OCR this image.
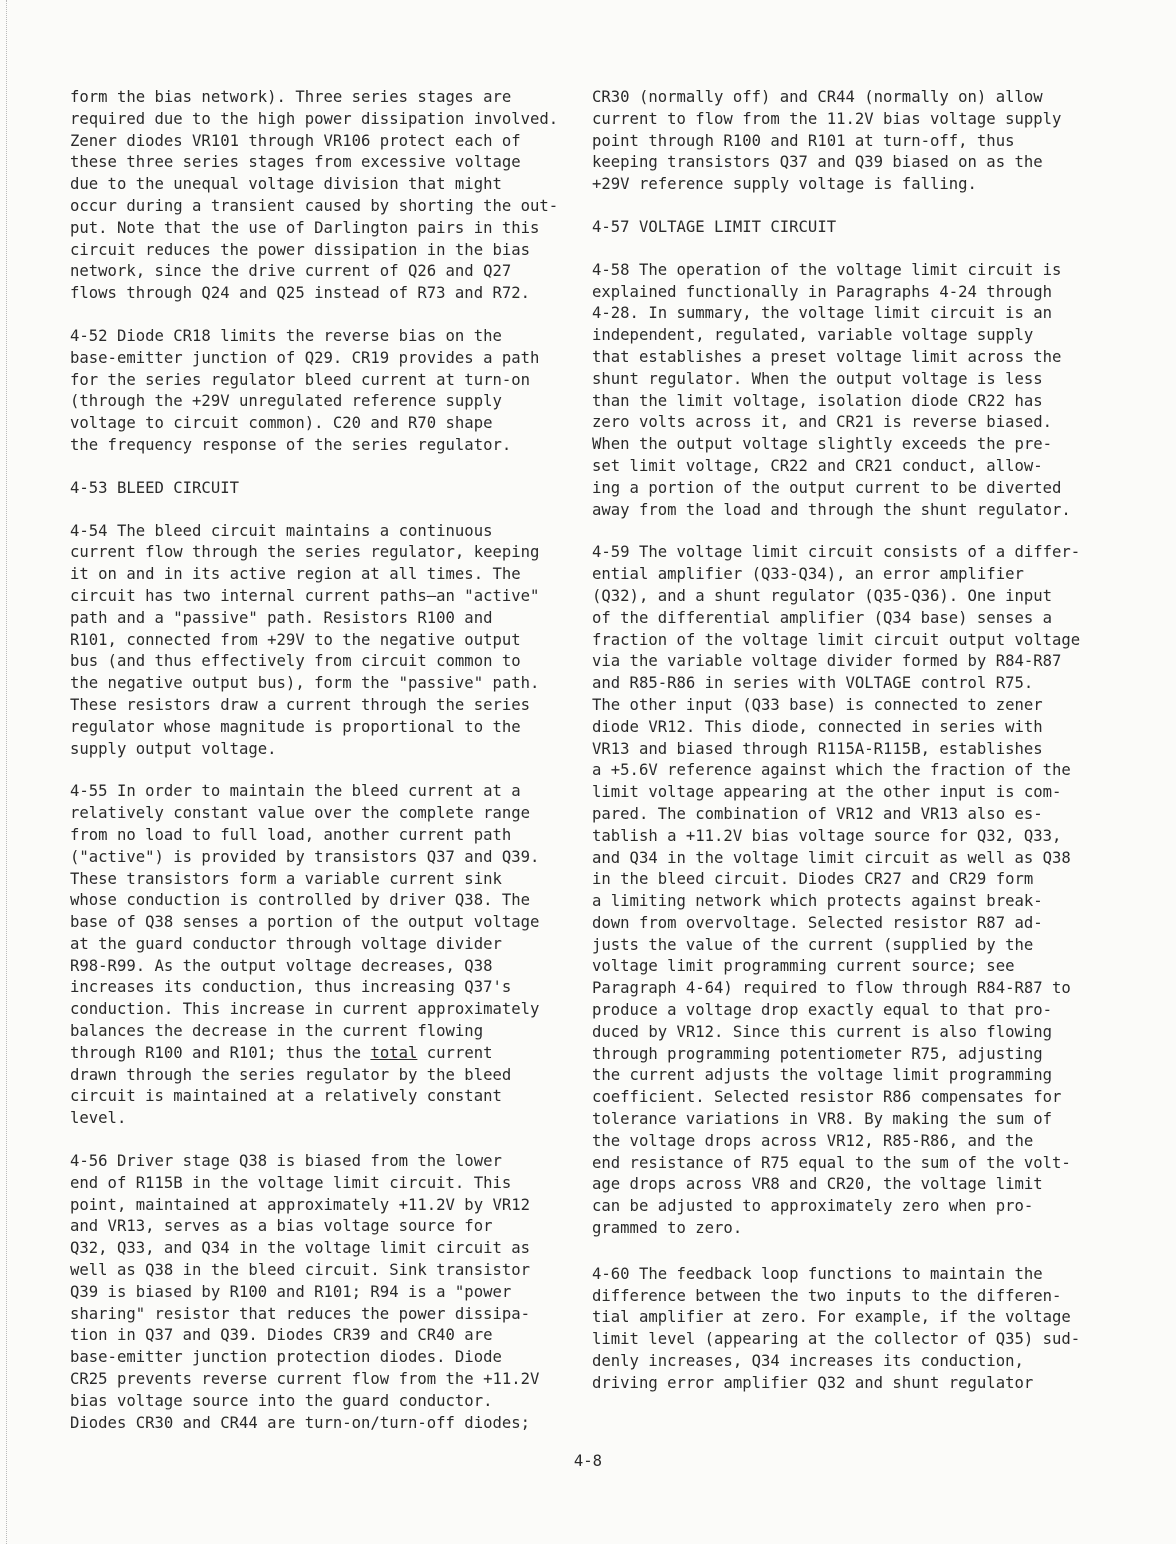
form the bias network). Three series stages are
required due to the high power dissipation involved.
Zener diodes VR101 through VR106 protect each of
these three series stages from excessive voltage
due to the unequal voltage division that might
occur during a transient caused by shorting the out-
put. Note that the use of Darlington pairs in this
circuit reduces the power dissipation in the bias
network, since the drive current of Q26 and Q27
flows through Q24 and Q25 instead of R73 and R72.

4-52 Diode CR18 limits the reverse bias on the
base-emitter junction of Q29. CR19 provides a path
for the series regulator bleed current at turn-on
(through the +29V unregulated reference supply
voltage to circuit common). C20 and R70 shape
the frequency response of the series regulator.

4-53 BLEED CIRCUIT

4-54 The bleed circuit maintains a continuous
current flow through the series regulator, keeping
it on and in its active region at all times. The
circuit has two internal current paths—an "active"
path and a "passive" path. Resistors R100 and
R101, connected from +29V to the negative output
bus (and thus effectively from circuit common to
the negative output bus), form the "passive" path.
These resistors draw a current through the series
regulator whose magnitude is proportional to the
supply output voltage.

4-55 In order to maintain the bleed current at a
relatively constant value over the complete range
from no load to full load, another current path
("active") is provided by transistors Q37 and Q39.
These transistors form a variable current sink
whose conduction is controlled by driver Q38. The
base of Q38 senses a portion of the output voltage
at the guard conductor through voltage divider
R98-R99. As the output voltage decreases, Q38
increases its conduction, thus increasing Q37's
conduction. This increase in current approximately
balances the decrease in the current flowing
through R100 and R101; thus the total current
drawn through the series regulator by the bleed
circuit is maintained at a relatively constant level.

4-56 Driver stage Q38 is biased from the lower
end of R115B in the voltage limit circuit. This
point, maintained at approximately +11.2V by VR12
and VR13, serves as a bias voltage source for
Q32, Q33, and Q34 in the voltage limit circuit as
well as Q38 in the bleed circuit. Sink transistor
Q39 is biased by R100 and R101; R94 is a "power
sharing" resistor that reduces the power dissipa-
tion in Q37 and Q39. Diodes CR39 and CR40 are
base-emitter junction protection diodes. Diode
CR25 prevents reverse current flow from the +11.2V
bias voltage source into the guard conductor.
Diodes CR30 and CR44 are turn-on/turn-off diodes;

CR30 (normally off) and CR44 (normally on) allow
current to flow from the 11.2V bias voltage supply
point through R100 and R101 at turn-off, thus
keeping transistors Q37 and Q39 biased on as the
+29V reference supply voltage is falling.

4-57 VOLTAGE LIMIT CIRCUIT

4-58 The operation of the voltage limit circuit is
explained functionally in Paragraphs 4-24 through
4-28. In summary, the voltage limit circuit is an
independent, regulated, variable voltage supply
that establishes a preset voltage limit across the
shunt regulator. When the output voltage is less
than the limit voltage, isolation diode CR22 has
zero volts across it, and CR21 is reverse biased.
When the output voltage slightly exceeds the pre-
set limit voltage, CR22 and CR21 conduct, allow-
ing a portion of the output current to be diverted
away from the load and through the shunt regulator.

4-59 The voltage limit circuit consists of a differ-
ential amplifier (Q33-Q34), an error amplifier
(Q32), and a shunt regulator (Q35-Q36). One input
of the differential amplifier (Q34 base) senses a
fraction of the voltage limit circuit output voltage
via the variable voltage divider formed by R84-R87
and R85-R86 in series with VOLTAGE control R75.
The other input (Q33 base) is connected to zener
diode VR12. This diode, connected in series with
VR13 and biased through R115A-R115B, establishes
a +5.6V reference against which the fraction of the
limit voltage appearing at the other input is com-
pared. The combination of VR12 and VR13 also es-
tablish a +11.2V bias voltage source for Q32, Q33,
and Q34 in the voltage limit circuit as well as Q38
in the bleed circuit. Diodes CR27 and CR29 form
a limiting network which protects against break-
down from overvoltage. Selected resistor R87 ad-
justs the value of the current (supplied by the
voltage limit programming current source; see
Paragraph 4-64) required to flow through R84-R87 to
produce a voltage drop exactly equal to that pro-
duced by VR12. Since this current is also flowing
through programming potentiometer R75, adjusting
the current adjusts the voltage limit programming
coefficient. Selected resistor R86 compensates for
tolerance variations in VR8. By making the sum of
the voltage drops across VR12, R85-R86, and the
end resistance of R75 equal to the sum of the volt-
age drops across VR8 and CR20, the voltage limit
can be adjusted to approximately zero when pro-
grammed to zero.

4-60 The feedback loop functions to maintain the
difference between the two inputs to the differen-
tial amplifier at zero. For example, if the voltage
limit level (appearing at the collector of Q35) sud-
denly increases, Q34 increases its conduction,
driving error amplifier Q32 and shunt regulator

4-8
